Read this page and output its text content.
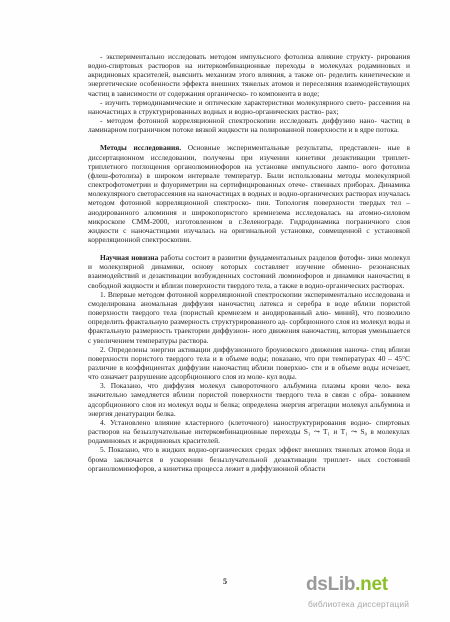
- экспериментально исследовать методом импульсного фотолиза влияние структу- рирования водно-спиртовых растворов на интеркомбинационные переходы в молекулах родаминовых и акридиновых красителей, выяснить механизм этого влияния, а также оп- ределить кинетические и энергетические особенности эффекта внешних тяжелых атомов и переселяния взаимодействующих частиц в зависимости от содержания органическо- го компонента в воде;

- изучить термодинамические и оптические характеристики молекулярного свето- рассеяния на наночастицах в структурированных водных и водно-органических раство- рах;

- методом фотонной корреляционной спектроскопии исследовать диффузию нано- частиц в ламинарном пограничном потоке вязкой жидкости на полированной поверхности и в ядре потока.

Методы исследования. Основные экспериментальные результаты, представлен- ные в диссертационном исследовании, получены при изучении кинетики дезактивации триплет-триплетного поглощения органолюминофоров на установке импульсного лампо- вого фотолиза (флеш-фотолиза) в широком интервале температур. Были использованы методы молекулярной спектрофотометрии и флуориметрии на сертифицированных отече- ственных приборах. Динамика молекулярного светорассеяния на наночастицах в водных и водно-органических растворах изучалась методом фотонной корреляционной спектроско- пии. Топология поверхности твердых тел – анодированного алюминия и широкопористого кремнезема исследовалась на атомно-силовом микроскопе СММ-2000, изготовленном в г.Зеленограде. Гидродинамика пограничного слоя жидкости с наночастицами изучалась на оригинальной установке, совмещенной с установкой корреляционной спектроскопии.

Научная новизна работы состоит в развитии фундаментальных разделов фотофи- зики молекул и молекулярной динамики, основу которых составляет изучение обменно- резонансных взаимодействий и дезактивации возбужденных состояний люминофоров и динамики наночастиц в свободной жидкости и вблизи поверхности твердого тела, а также в водно-органических растворах.

1. Впервые методом фотонной корреляционной спектроскопии экспериментально исследована и смоделирована аномальная диффузия наночастиц латекса и серебра в воде вблизи пористой поверхности твердого тела (пористый кремнезем и анодированный алю- миний), что позволило определить фрактальную размерность структурированного ад- сорбционного слоя из молекул воды и фрактальную размерность траектории диффузион- ного движения наночастиц, которая уменьшается с увеличением температуры раствора.

2. Определены энергии активации диффузионного броуновского движения наноча- стиц вблизи поверхности пористого твердого тела и в объеме воды; показано, что при температурах 40 – 45°С различие в коэффициентах диффузии наночастиц вблизи поверхно- сти и в объеме воды исчезает, что означает разрушение адсорбционного слоя из моле- кул воды.

3. Показано, что диффузия молекул сывороточного альбумина плазмы крови чело- века значительно замедляется вблизи пористой поверхности твердого тела в связи с обра- зованием адсорбционного слоя из молекул воды и белка; определена энергия агрегации молекул альбумина и энергия денатурации белка.

4. Установлено влияние кластерного (клеточного) наноструктурирования водно- спиртовых растворов на безызлучательные интеркомбинационные переходы S₁ ⤳ T₁ и T₁ ⤳ S₀ в молекулах родаминовых и акридиновых красителей.

5. Показано, что в жидких водно-органических средах эффект внешних тяжелых атомов йода и брома заключается в ускорении безызлучательной дезактивации триплет- ных состояний органолюминофоров, а кинетика процесса лежит в диффузионной области

5	dsLib.net
библиотека диссертаций
